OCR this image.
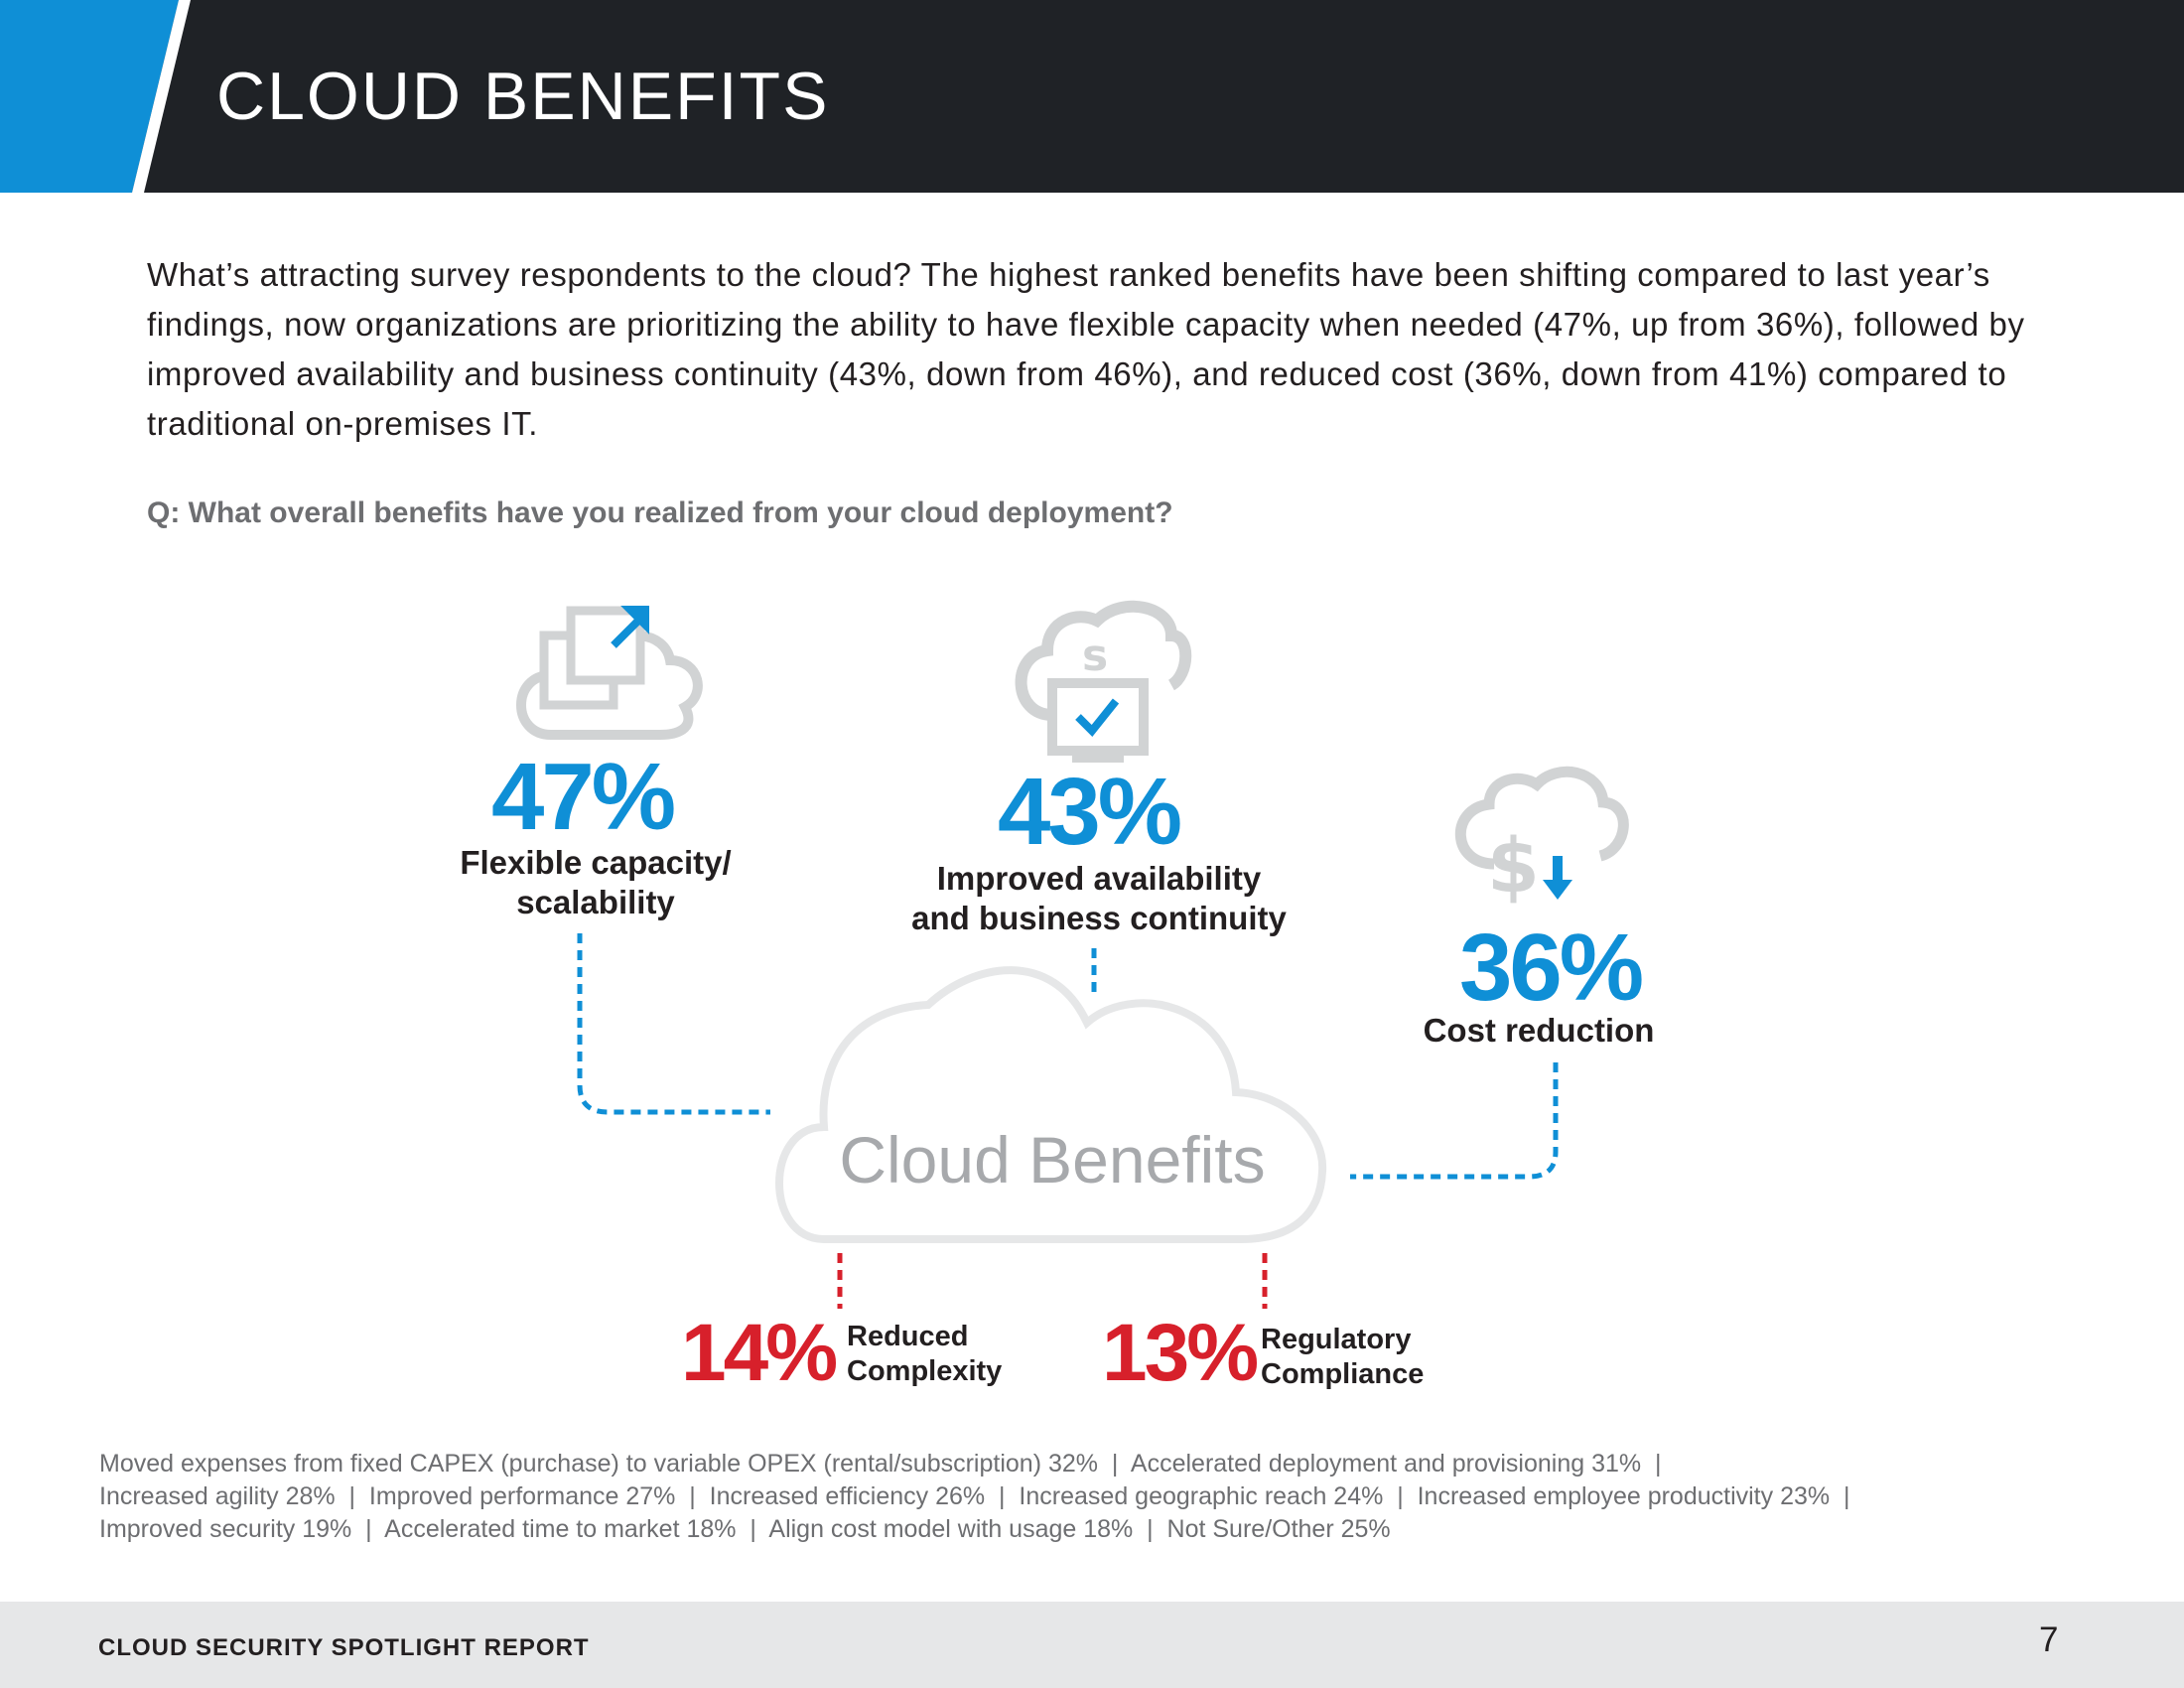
CLOUD BENEFITS
What’s attracting survey respondents to the cloud? The highest ranked benefits have been shifting compared to last year’s findings, now organizations are prioritizing the ability to have flexible capacity when needed (47%, up from 36%), followed by improved availability and business continuity (43%, down from 46%), and reduced cost (36%, down from 41%) compared to traditional on-premises IT.
Q: What overall benefits have you realized from your cloud deployment?
s
$
47%
Flexible capacity/
scalability
43%
Improved availability
and business continuity	36%
Cost reduction
14% Reduced
Complexity 13% Regulatory
Compliance
Cloud Benefits
Moved expenses from fixed CAPEX (purchase) to variable OPEX (rental/subscription) 32%  |  Accelerated deployment and provisioning 31%  |
Increased agility 28%  |  Improved performance 27%  |  Increased efficiency 26%  |  Increased geographic reach 24%  |  Increased employee productivity 23%  |
Improved security 19%  |  Accelerated time to market 18%  |  Align cost model with usage 18%  |  Not Sure/Other 25%
CLOUD SECURITY SPOTLIGHT REPORT	7
